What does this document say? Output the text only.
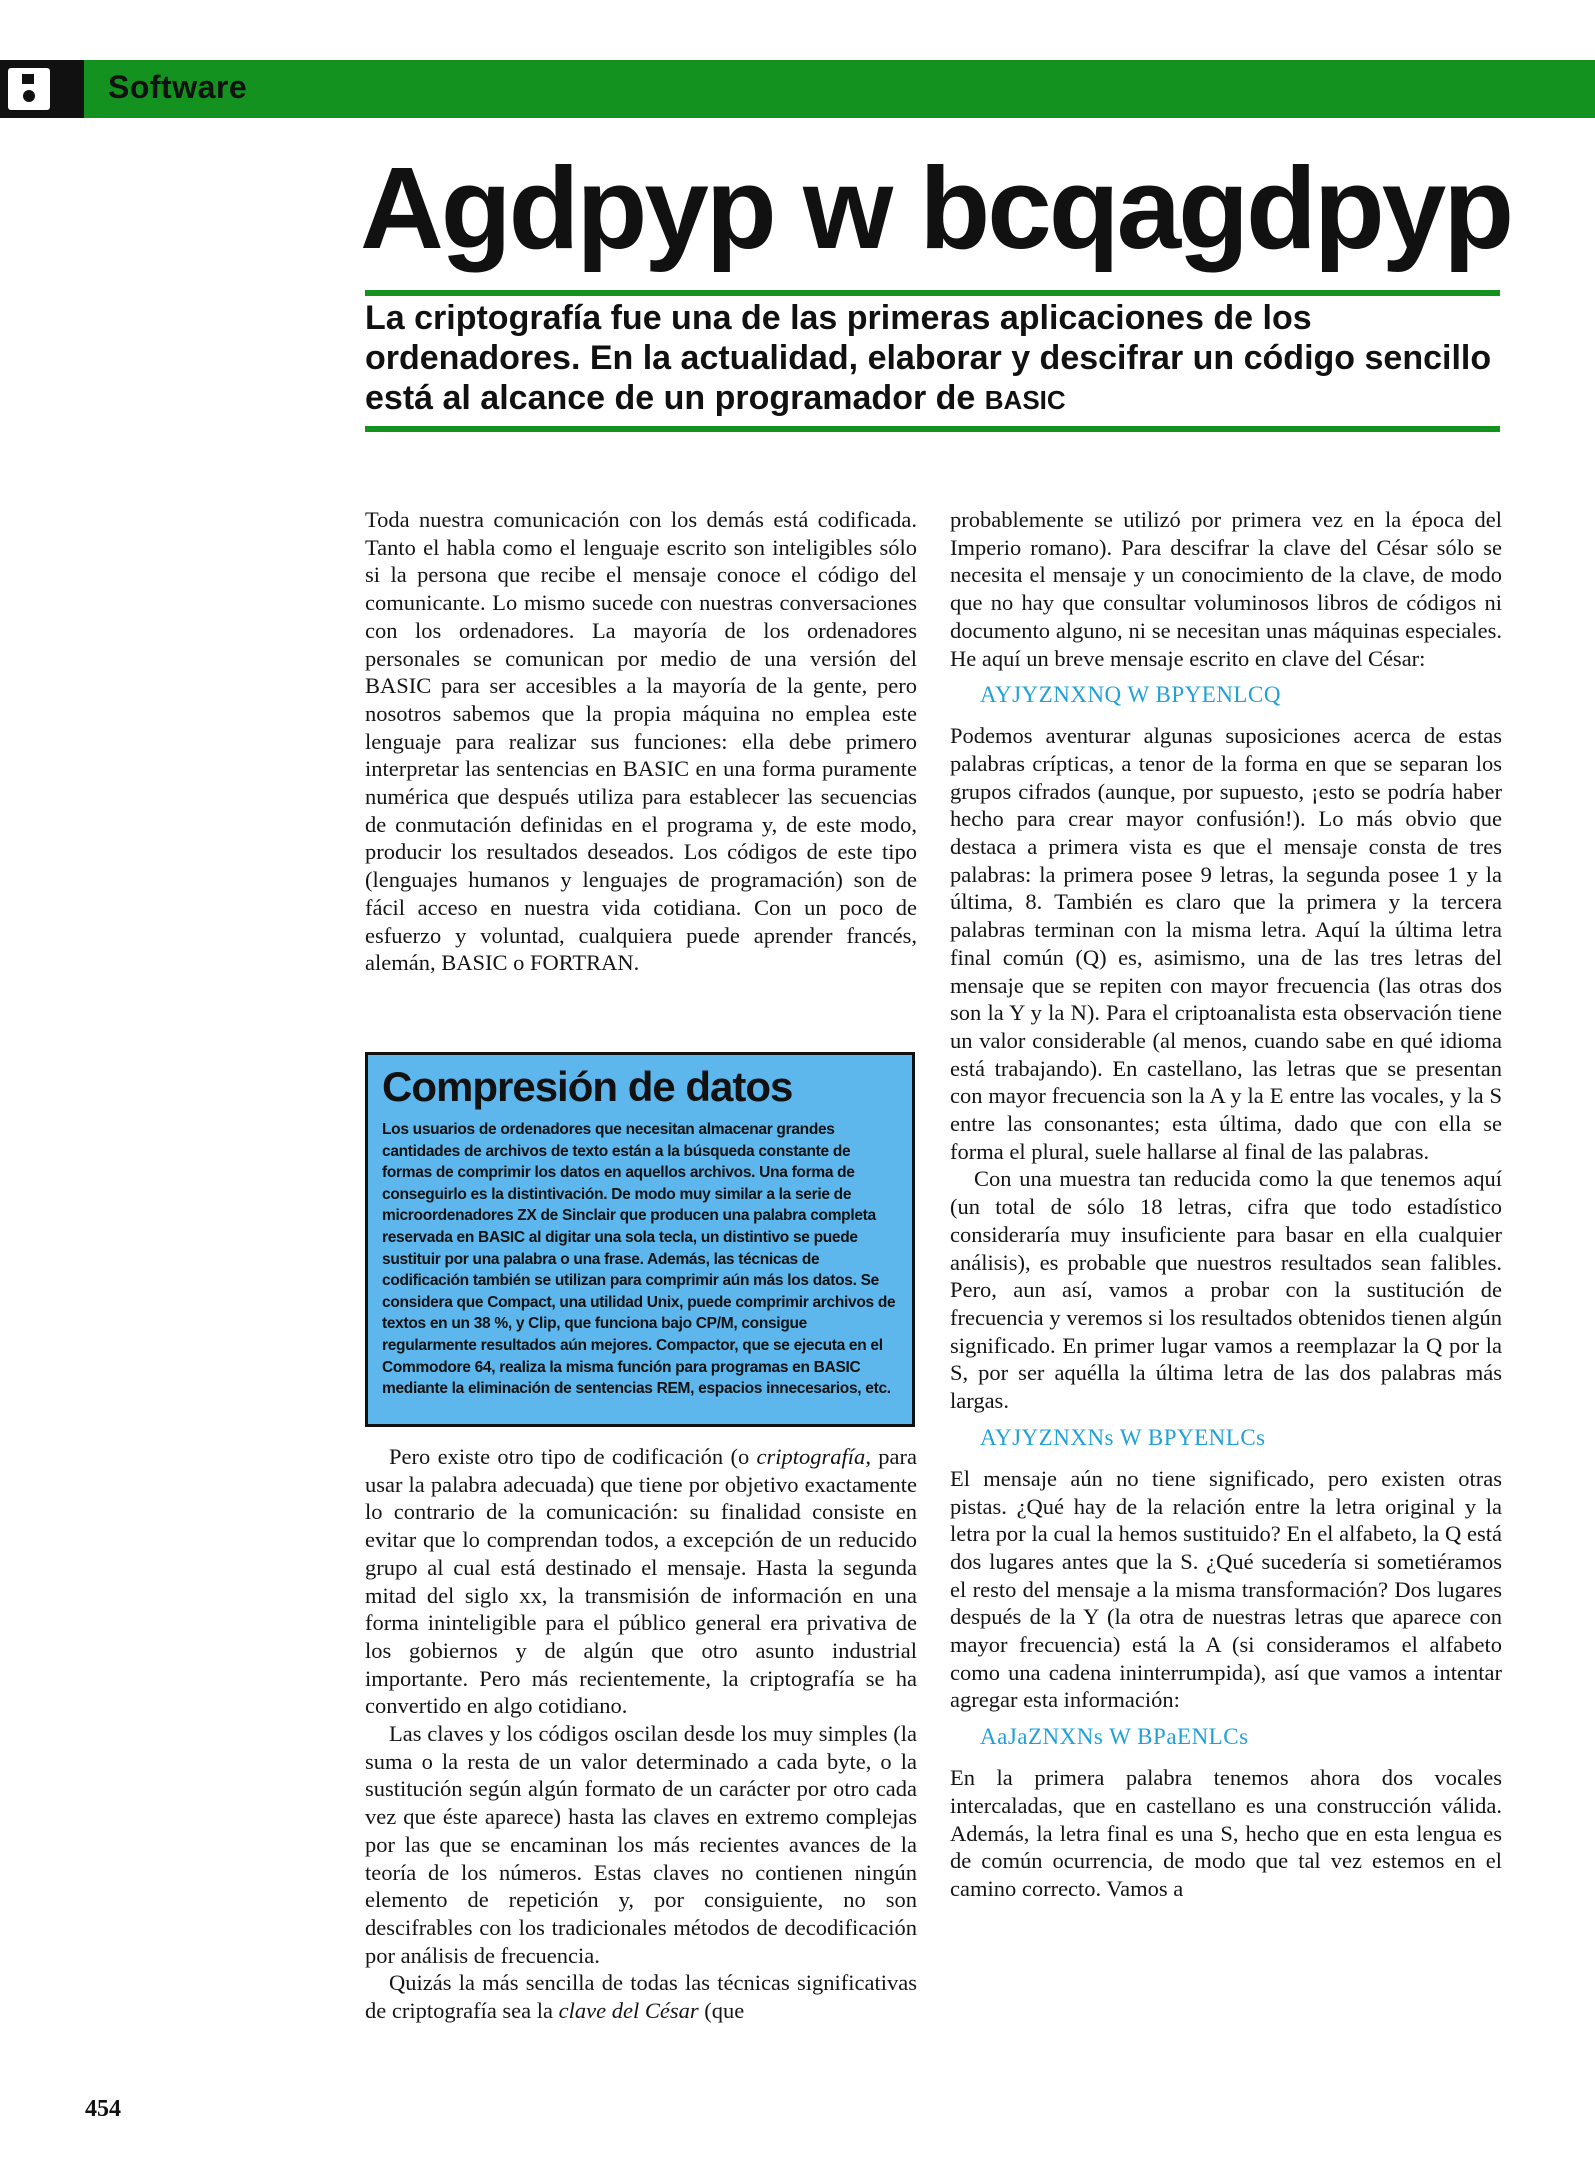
Software
Agdpyp w bcqagdpyp
La criptografía fue una de las primeras aplicaciones de los ordenadores. En la actualidad, elaborar y descifrar un código sencillo está al alcance de un programador de BASIC

Toda nuestra comunicación con los demás está codificada. Tanto el habla como el lenguaje escrito son inteligibles sólo si la persona que recibe el mensaje conoce el código del comunicante. Lo mismo sucede con nuestras conversaciones con los ordenadores. La mayoría de los ordenadores personales se comunican por medio de una versión del BASIC para ser accesibles a la mayoría de la gente, pero nosotros sabemos que la propia máquina no emplea este lenguaje para realizar sus funciones: ella debe primero interpretar las sentencias en BASIC en una forma puramente numérica que después utiliza para establecer las secuencias de conmutación definidas en el programa y, de este modo, producir los resultados deseados. Los códigos de este tipo (lenguajes humanos y lenguajes de programación) son de fácil acceso en nuestra vida cotidiana. Con un poco de esfuerzo y voluntad, cualquiera puede aprender francés, alemán, BASIC o FORTRAN.

Compresión de datos

Los usuarios de ordenadores que necesitan almacenar grandes cantidades de archivos de texto están a la búsqueda constante de formas de comprimir los datos en aquellos archivos. Una forma de conseguirlo es la distintivación. De modo muy similar a la serie de microordenadores ZX de Sinclair que producen una palabra completa reservada en BASIC al digitar una sola tecla, un distintivo se puede sustituir por una palabra o una frase. Además, las técnicas de codificación también se utilizan para comprimir aún más los datos. Se considera que Compact, una utilidad Unix, puede comprimir archivos de textos en un 38 %, y Clip, que funciona bajo CP/M, consigue regularmente resultados aún mejores. Compactor, que se ejecuta en el Commodore 64, realiza la misma función para programas en BASIC mediante la eliminación de sentencias REM, espacios innecesarios, etc.

Pero existe otro tipo de codificación (o criptografía, para usar la palabra adecuada) que tiene por objetivo exactamente lo contrario de la comunicación: su finalidad consiste en evitar que lo comprendan todos, a excepción de un reducido grupo al cual está destinado el mensaje. Hasta la segunda mitad del siglo xx, la transmisión de información en una forma ininteligible para el público general era privativa de los gobiernos y de algún que otro asunto industrial importante. Pero más recientemente, la criptografía se ha convertido en algo cotidiano.

Las claves y los códigos oscilan desde los muy simples (la suma o la resta de un valor determinado a cada byte, o la sustitución según algún formato de un carácter por otro cada vez que éste aparece) hasta las claves en extremo complejas por las que se encaminan los más recientes avances de la teoría de los números. Estas claves no contienen ningún elemento de repetición y, por consiguiente, no son descifrables con los tradicionales métodos de decodificación por análisis de frecuencia.

Quizás la más sencilla de todas las técnicas significativas de criptografía sea la clave del César (que

probablemente se utilizó por primera vez en la época del Imperio romano). Para descifrar la clave del César sólo se necesita el mensaje y un conocimiento de la clave, de modo que no hay que consultar voluminosos libros de códigos ni documento alguno, ni se necesitan unas máquinas especiales. He aquí un breve mensaje escrito en clave del César:

AYJYZNXNQ W BPYENLCQ

Podemos aventurar algunas suposiciones acerca de estas palabras crípticas, a tenor de la forma en que se separan los grupos cifrados (aunque, por supuesto, ¡esto se podría haber hecho para crear mayor confusión!). Lo más obvio que destaca a primera vista es que el mensaje consta de tres palabras: la primera posee 9 letras, la segunda posee 1 y la última, 8. También es claro que la primera y la tercera palabras terminan con la misma letra. Aquí la última letra final común (Q) es, asimismo, una de las tres letras del mensaje que se repiten con mayor frecuencia (las otras dos son la Y y la N). Para el criptoanalista esta observación tiene un valor considerable (al menos, cuando sabe en qué idioma está trabajando). En castellano, las letras que se presentan con mayor frecuencia son la A y la E entre las vocales, y la S entre las consonantes; esta última, dado que con ella se forma el plural, suele hallarse al final de las palabras.

Con una muestra tan reducida como la que tenemos aquí (un total de sólo 18 letras, cifra que todo estadístico consideraría muy insuficiente para basar en ella cualquier análisis), es probable que nuestros resultados sean falibles. Pero, aun así, vamos a probar con la sustitución de frecuencia y veremos si los resultados obtenidos tienen algún significado. En primer lugar vamos a reemplazar la Q por la S, por ser aquélla la última letra de las dos palabras más largas.

AYJYZNXNs W BPYENLCs

El mensaje aún no tiene significado, pero existen otras pistas. ¿Qué hay de la relación entre la letra original y la letra por la cual la hemos sustituido? En el alfabeto, la Q está dos lugares antes que la S. ¿Qué sucedería si sometiéramos el resto del mensaje a la misma transformación? Dos lugares después de la Y (la otra de nuestras letras que aparece con mayor frecuencia) está la A (si consideramos el alfabeto como una cadena ininterrumpida), así que vamos a intentar agregar esta información:

AaJaZNXNs W BPaENLCs

En la primera palabra tenemos ahora dos vocales intercaladas, que en castellano es una construcción válida. Además, la letra final es una S, hecho que en esta lengua es de común ocurrencia, de modo que tal vez estemos en el camino correcto. Vamos a

454
